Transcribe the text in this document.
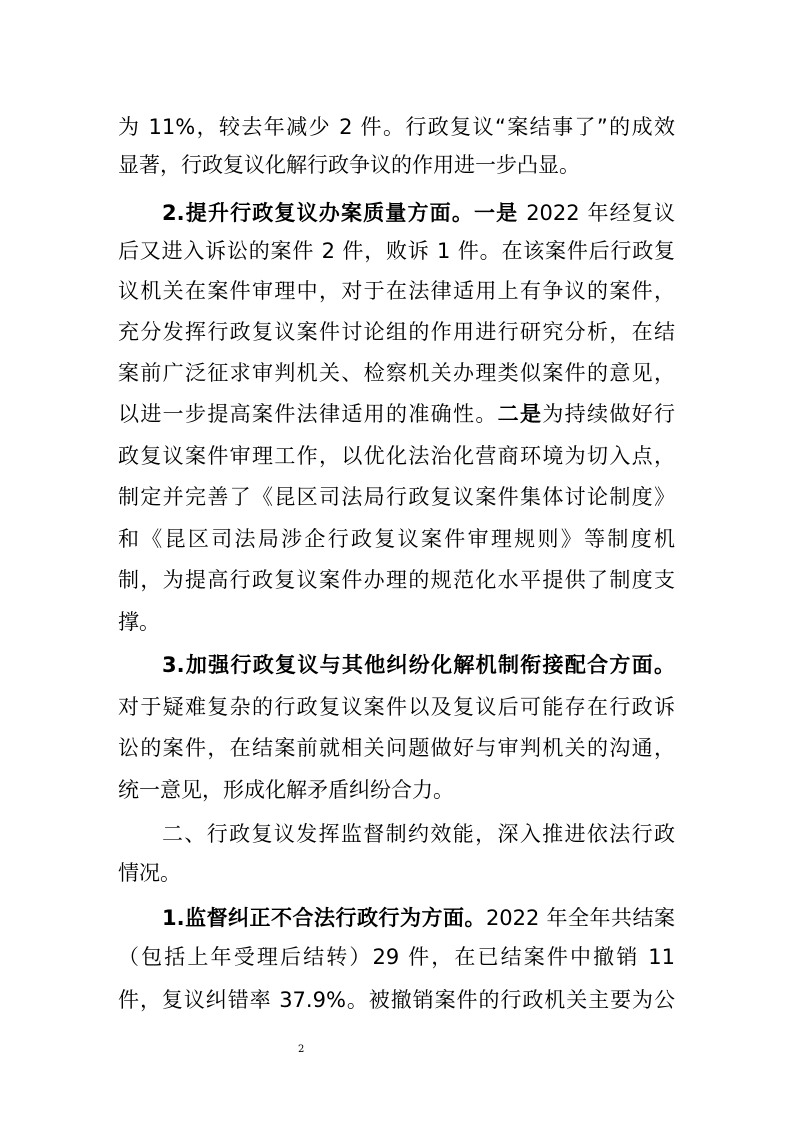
为 11%，较去年减少 2 件。行政复议“案结事了”的成效
显著，行政复议化解行政争议的作用进一步凸显。
2.提升行政复议办案质量方面。一是 2022 年经复议
后又进入诉讼的案件 2 件，败诉 1 件。在该案件后行政复
议机关在案件审理中，对于在法律适用上有争议的案件，
充分发挥行政复议案件讨论组的作用进行研究分析，在结
案前广泛征求审判机关、检察机关办理类似案件的意见，
以进一步提高案件法律适用的准确性。二是为持续做好行
政复议案件审理工作，以优化法治化营商环境为切入点，
制定并完善了《昆区司法局行政复议案件集体讨论制度》
和《昆区司法局涉企行政复议案件审理规则》等制度机
制，为提高行政复议案件办理的规范化水平提供了制度支
撑。
3.加强行政复议与其他纠纷化解机制衔接配合方面。
对于疑难复杂的行政复议案件以及复议后可能存在行政诉
讼的案件，在结案前就相关问题做好与审判机关的沟通，
统一意见，形成化解矛盾纠纷合力。
二、行政复议发挥监督制约效能，深入推进依法行政
情况。
1.监督纠正不合法行政行为方面。2022 年全年共结案
（包括上年受理后结转）29 件，在已结案件中撤销 11
件，复议纠错率 37.9%。被撤销案件的行政机关主要为公
2
